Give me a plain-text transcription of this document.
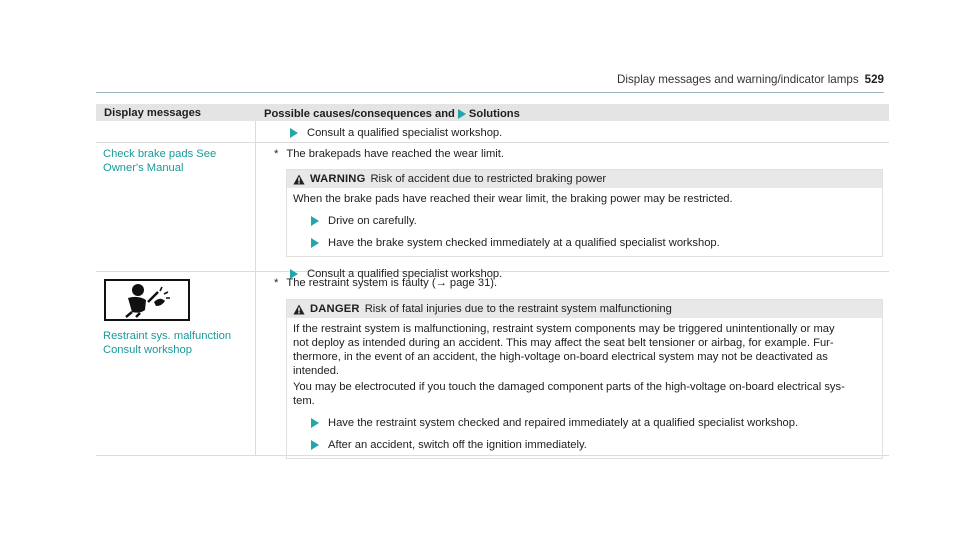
Display messages and warning/indicator lamps 529
Display messages	Possible causes/consequences and Solutions
Consult a qualified specialist workshop.
Check brake pads See
Owner's Manual
* The brakepads have reached the wear limit.
WARNING Risk of accident due to restricted braking power
When the brake pads have reached their wear limit, the braking power may be restricted.
Drive on carefully.
Have the brake system checked immediately at a qualified specialist workshop.
Consult a qualified specialist workshop.
Restraint sys. malfunction
Consult workshop
* The restraint system is faulty (→ page 31).
DANGER Risk of fatal injuries due to the restraint system malfunctioning
If the restraint system is malfunctioning, restraint system components may be triggered unintentionally or may
not deploy as intended during an accident. This may affect the seat belt tensioner or airbag, for example. Fur-
thermore, in the event of an accident, the high-voltage on-board electrical system may not be deactivated as
intended.
You may be electrocuted if you touch the damaged component parts of the high-voltage on-board electrical sys-
tem.
Have the restraint system checked and repaired immediately at a qualified specialist workshop.
After an accident, switch off the ignition immediately.
